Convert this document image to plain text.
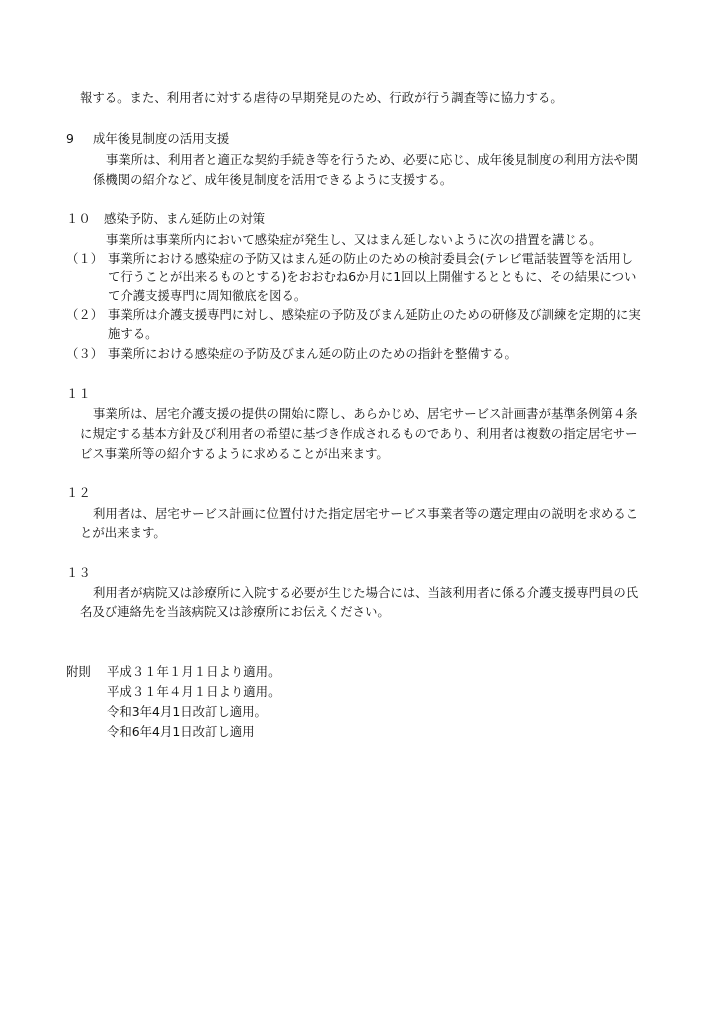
報する。また、利用者に対する虐待の早期発見のため、行政が行う調査等に協力する。
9 成年後見制度の活用支援
事業所は、利用者と適正な契約手続き等を行うため、必要に応じ、成年後見制度の利用方法や関
係機関の紹介など、成年後見制度を活用できるように支援する。
１０ 感染予防、まん延防止の対策
事業所は事業所内において感染症が発生し、又はまん延しないように次の措置を講じる。
（１） 事業所における感染症の予防又はまん延の防止のための検討委員会(テレビ電話装置等を活用し
て行うことが出来るものとする)をおおむね6か月に1回以上開催するとともに、その結果につい
て介護支援専門に周知徹底を図る。
（２） 事業所は介護支援専門に対し、感染症の予防及びまん延防止のための研修及び訓練を定期的に実
施する。
（３） 事業所における感染症の予防及びまん延の防止のための指針を整備する。
１１
事業所は、居宅介護支援の提供の開始に際し、あらかじめ、居宅サービス計画書が基準条例第４条
に規定する基本方針及び利用者の希望に基づき作成されるものであり、利用者は複数の指定居宅サー
ビス事業所等の紹介するように求めることが出来ます。
１２
利用者は、居宅サービス計画に位置付けた指定居宅サービス事業者等の選定理由の説明を求めるこ
とが出来ます。
１３
利用者が病院又は診療所に入院する必要が生じた場合には、当該利用者に係る介護支援専門員の氏
名及び連絡先を当該病院又は診療所にお伝えください。
附則 平成３１年１月１日より適用。
平成３１年４月１日より適用。
令和3年4月1日改訂し適用。
令和6年4月1日改訂し適用
